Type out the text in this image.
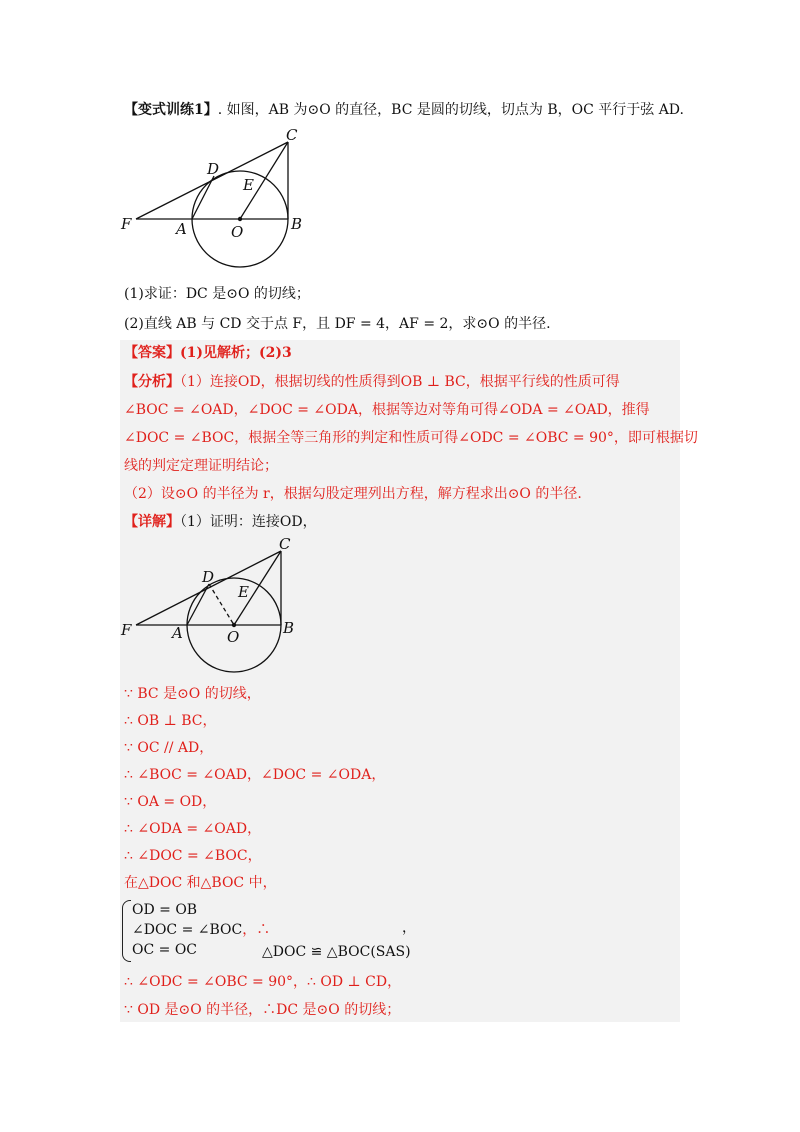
【变式训练1】. 如图，AB 为⊙O 的直径，BC 是圆的切线，切点为 B，OC 平行于弦 AD.
C
D
E
F	A	O	B
(1)求证：DC 是⊙O 的切线；
(2)直线 AB 与 CD 交于点 F，且 DF = 4，AF = 2，求⊙O 的半径.
【答案】(1)见解析；(2)3
【分析】（1）连接OD，根据切线的性质得到OB ⊥ BC，根据平行线的性质可得
∠BOC = ∠OAD，∠DOC = ∠ODA，根据等边对等角可得∠ODA = ∠OAD，推得
∠DOC = ∠BOC，根据全等三角形的判定和性质可得∠ODC = ∠OBC = 90°，即可根据切
线的判定定理证明结论；
（2）设⊙O 的半径为 r，根据勾股定理列出方程，解方程求出⊙O 的半径.
【详解】（1）证明：连接OD，
C
D
E
F	A	O	B
∵ BC 是⊙O 的切线，
∴ OB ⊥ BC，
∵ OC // AD，
∴ ∠BOC = ∠OAD，∠DOC = ∠ODA，
∵ OA = OD，
∴ ∠ODA = ∠OAD，
∴ ∠DOC = ∠BOC，
在△DOC 和△BOC 中，
OD = OB
∠DOC = ∠BOC，∴
OC = OC
，
△DOC ≌ △BOC(SAS)
∴ ∠ODC = ∠OBC = 90°，∴ OD ⊥ CD，
∵ OD 是⊙O 的半径，∴DC 是⊙O 的切线；
